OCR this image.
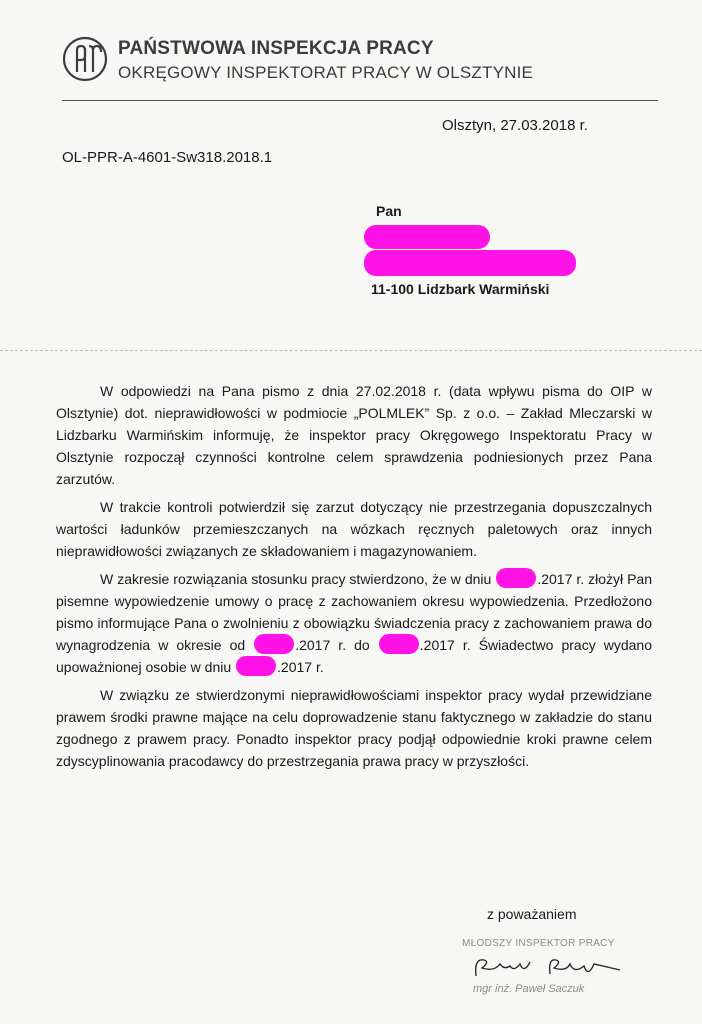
PAŃSTWOWA INSPEKCJA PRACY
OKRĘGOWY INSPEKTORAT PRACY W OLSZTYNIE
Olsztyn, 27.03.2018 r.
OL-PPR-A-4601-Sw318.2018.1
Pan
11-100 Lidzbark Warmiński

W odpowiedzi na Pana pismo z dnia 27.02.2018 r. (data wpływu pisma do OIP w Olsztynie) dot. nieprawidłowości w podmiocie „POLMLEK” Sp. z o.o. – Zakład Mleczarski w Lidzbarku Warmińskim informuję, że inspektor pracy Okręgowego Inspektoratu Pracy w Olsztynie rozpoczął czynności kontrolne celem sprawdzenia podniesionych przez Pana zarzutów.

W trakcie kontroli potwierdził się zarzut dotyczący nie przestrzegania dopuszczalnych wartości ładunków przemieszczanych na wózkach ręcznych paletowych oraz innych nieprawidłowości związanych ze składowaniem i magazynowaniem.

W zakresie rozwiązania stosunku pracy stwierdzono, że w dniu	.2017 r. złożył Pan pisemne wypowiedzenie umowy o pracę z zachowaniem okresu wypowiedzenia. Przedłożono pismo informujące Pana o zwolnieniu z obowiązku świadczenia pracy z zachowaniem prawa do wynagrodzenia w okresie od	.2017 r. do	.2017 r. Świadectwo pracy wydano upoważnionej osobie w dniu	.2017 r.

W związku ze stwierdzonymi nieprawidłowościami inspektor pracy wydał przewidziane prawem środki prawne mające na celu doprowadzenie stanu faktycznego w zakładzie do stanu zgodnego z prawem pracy. Ponadto inspektor pracy podjął odpowiednie kroki prawne celem zdyscyplinowania pracodawcy do przestrzegania prawa pracy w przyszłości.

z poważaniem
MŁODSZY INSPEKTOR PRACY
mgr inż. Paweł Saczuk
